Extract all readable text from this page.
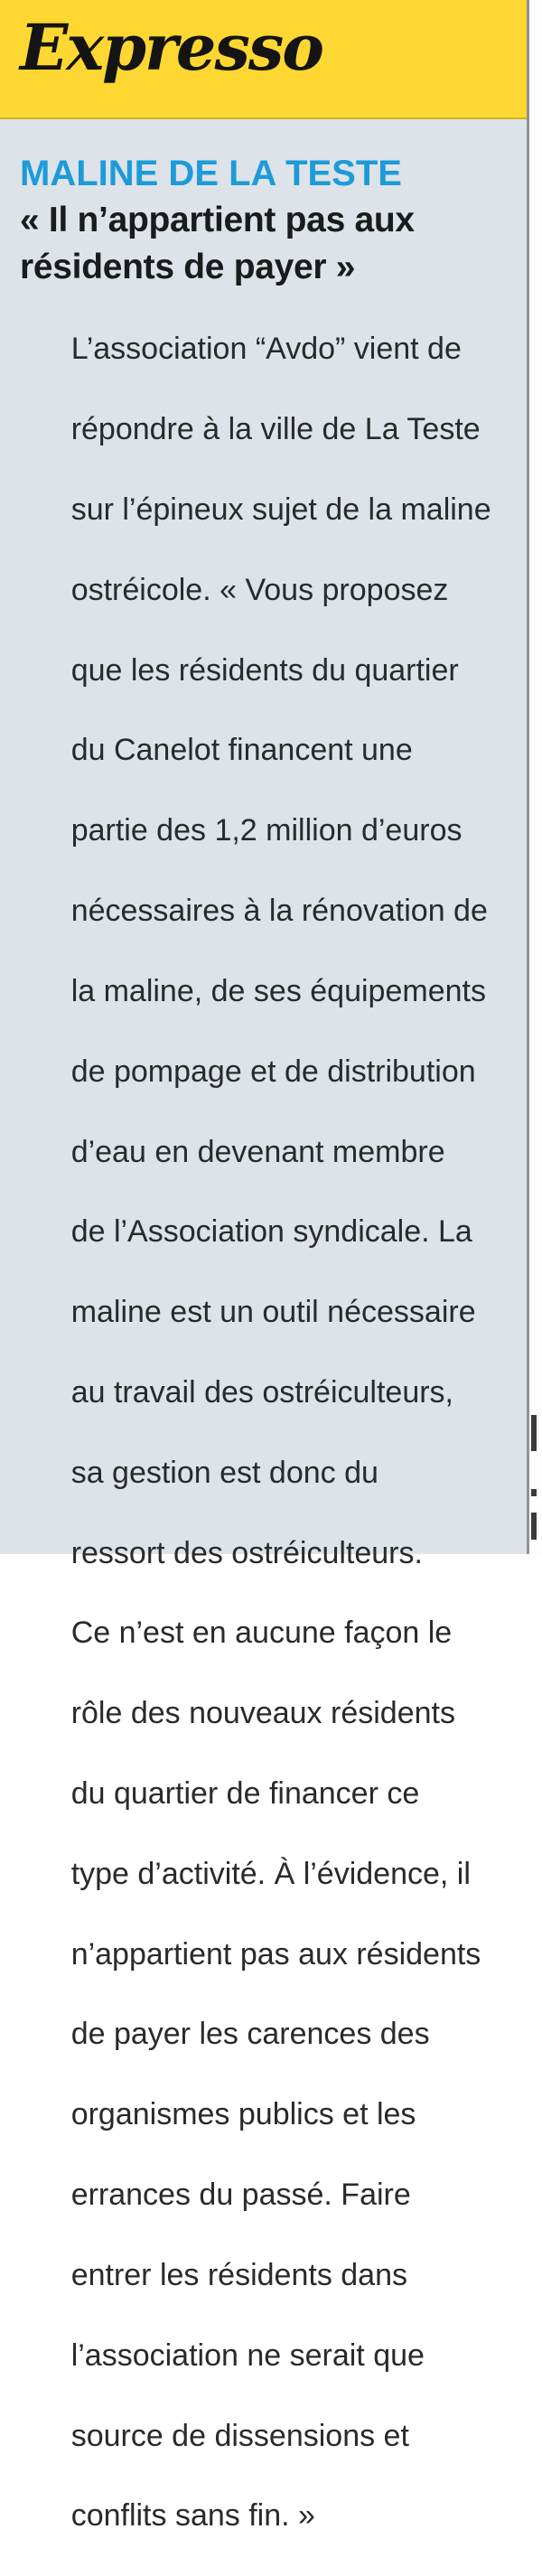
Expresso
MALINE DE LA TESTE
« Il n’appartient pas aux
résidents de payer »

L’association “Avdo” vient de

répondre à la ville de La Teste

sur l’épineux sujet de la maline

ostréicole. « Vous proposez

que les résidents du quartier

du Canelot financent une

partie des 1,2 million d’euros

nécessaires à la rénovation de

la maline, de ses équipements

de pompage et de distribution

d’eau en devenant membre

de l’Association syndicale. La

maline est un outil nécessaire

au travail des ostréiculteurs,

sa gestion est donc du

ressort des ostréiculteurs.

Ce n’est en aucune façon le

rôle des nouveaux résidents

du quartier de financer ce

type d’activité. À l’évidence, il

n’appartient pas aux résidents

de payer les carences des

organismes publics et les

errances du passé. Faire

entrer les résidents dans

l’association ne serait que

source de dissensions et

conflits sans fin. »
